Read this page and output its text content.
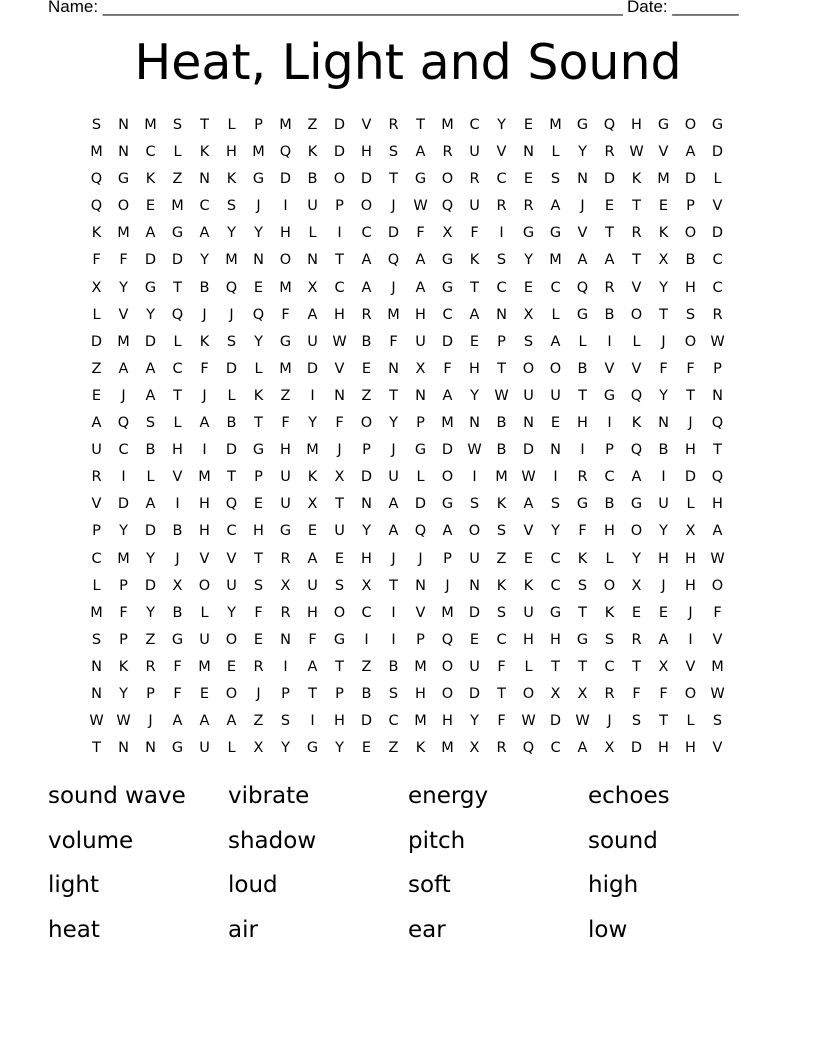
Name: _______________________________________________________ Date: _______
Heat, Light and Sound
S	N	M	S	T	L	P	M	Z	D	V	R	T	M	C	Y	E	M	G	Q	H	G	O	G
M	N	C	L	K	H	M	Q	K	D	H	S	A	R	U	V	N	L	Y	R	W	V	A	D
Q	G	K	Z	N	K	G	D	B	O	D	T	G	O	R	C	E	S	N	D	K	M	D	L
Q	O	E	M	C	S	J	I	U	P	O	J	W Q	U	R	R	A	J	E	T	E	P	V
K	M	A	G	A	Y	Y	H	L	I	C	D	F	X	F	I	G	G	V	T	R	K	O	D
F	F	D	D	Y	M	N	O	N	T	A	Q	A	G	K	S	Y	M	A	A	T	X	B	C
X	Y	G	T	B	Q	E	M	X	C	A	J	A	G	T	C	E	C	Q	R	V	Y	H	C
L	V	Y	Q	J	J	Q	F	A	H	R	M	H	C	A	N	X	L	G	B	O	T	S	R
D	M	D	L	K	S	Y	G	U	W	B	F	U	D	E	P	S	A	L	I	L	J	O W
Z	A	A	C	F	D	L	M	D	V	E	N	X	F	H	T	O	O	B	V	V	F	F	P
E	J	A	T	J	L	K	Z	I	N	Z	T	N	A	Y	W	U	U	T	G	Q	Y	T	N
A	Q	S	L	A	B	T	F	Y	F	O	Y	P	M	N	B	N	E	H	I	K	N	J	Q
U	C	B	H	I	D	G	H	M	J	P	J	G	D W	B	D	N	I	P	Q	B	H	T
R	I	L	V	M	T	P	U	K	X	D	U	L	O	I	M W	I	R	C	A	I	D	Q
V	D	A	I	H	Q	E	U	X	T	N	A	D	G	S	K	A	S	G	B	G	U	L	H
P	Y	D	B	H	C	H	G	E	U	Y	A	Q	A	O	S	V	Y	F	H	O	Y	X	A
C	M	Y	J	V	V	T	R	A	E	H	J	J	P	U	Z	E	C	K	L	Y	H	H W
L	P	D	X	O	U	S	X	U	S	X	T	N	J	N	K	K	C	S	O	X	J	H	O
M	F	Y	B	L	Y	F	R	H	O	C	I	V	M	D	S	U	G	T	K	E	E	J	F
S	P	Z	G	U	O	E	N	F	G	I	I	P	Q	E	C	H	H	G	S	R	A	I	V
N	K	R	F	M	E	R	I	A	T	Z	B	M	O	U	F	L	T	T	C	T	X	V	M
N	Y	P	F	E	O	J	P	T	P	B	S	H	O	D	T	O	X	X	R	F	F	O W
W W	J	A	A	A	Z	S	I	H	D	C	M	H	Y	F	W D W	J	S	T	L	S
T	N	N	G	U	L	X	Y	G	Y	E	Z	K	M	X	R	Q	C	A	X	D	H	H	V
sound wave	vibrate	energy	echoes
volume	shadow	pitch	sound
light	loud	soft	high
heat	air	ear	low
